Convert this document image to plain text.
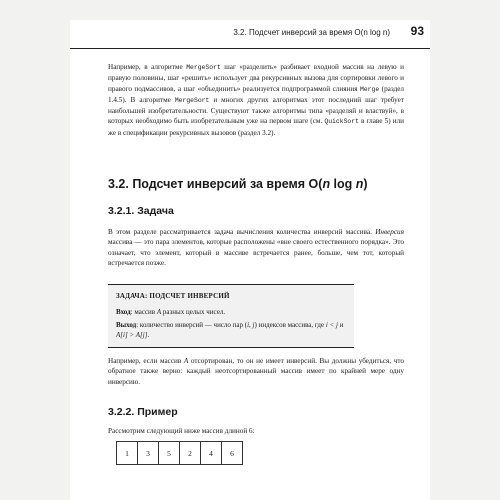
3.2. Подсчет инверсий за время O(n log n) 93

Например, в алгоритме MergeSort шаг «разделить» разбивает входной массив на левую и правую половины, шаг «решить» использует два рекурсивных вызова для сортировки левого и правого подмассивов, а шаг «объединить» реализуется подпрограммой слияния Merge (раздел 1.4.5). В алгоритме MergeSort и многих других алгоритмах этот последний шаг требует наибольшей изобретательности. Существуют также алгоритмы типа «разделяй и властвуй», в которых необходимо быть изобретательным уже на первом шаге (см. QuickSort в главе 5) или же в спецификации рекурсивных вызовов (раздел 3.2).

3.2. Подсчет инверсий за время O(n log n)
3.2.1. Задача

В этом разделе рассматривается задача вычисления количества инверсий массива. Инверсия массива — это пара элементов, которые расположены «вне своего естественного порядка». Это означает, что элемент, который в массиве встречается ранее, больше, чем тот, который встречается позже.

ЗАДАЧА: ПОДСЧЕТ ИНВЕРСИЙ
Вход: массив A разных целых чисел.
Выход: количество инверсий — число пар (i, j) индексов массива, где i < j и A[i] > A[j].

Например, если массив A отсортирован, то он не имеет инверсий. Вы должны убедиться, что обратное также верно: каждый неотсортированный массив имеет по крайней мере одну инверсию.

3.2.2. Пример

Рассмотрим следующий ниже массив длиной 6:

1	3	5	2	4	6
